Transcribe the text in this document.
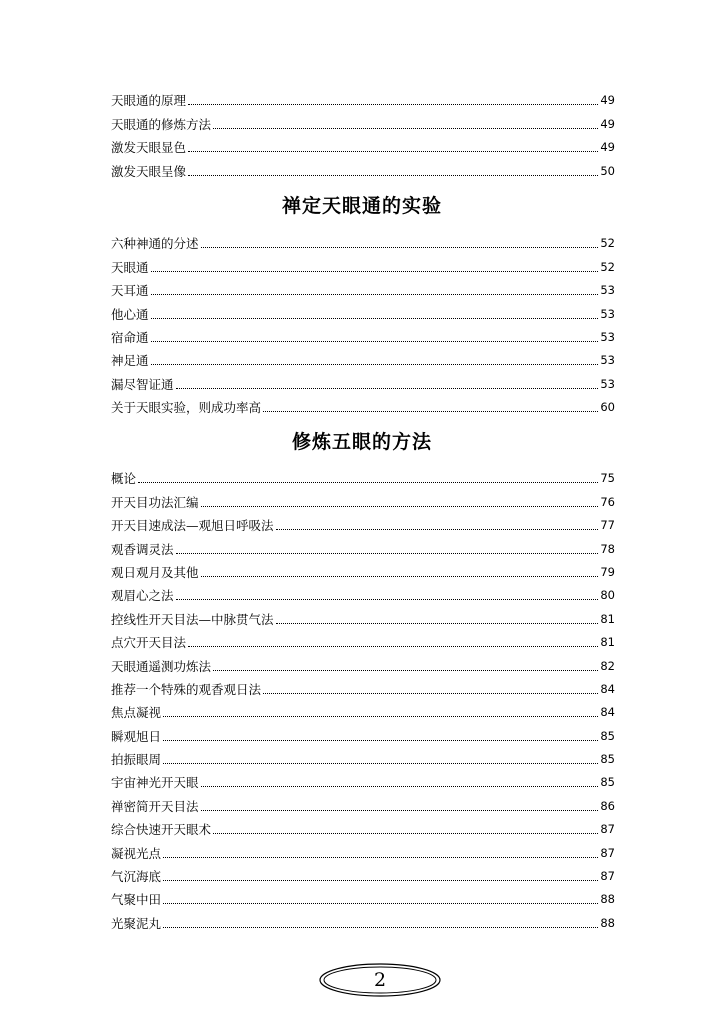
天眼通的原理	49
天眼通的修炼方法	49
激发天眼显色	49
激发天眼呈像	50
禅定天眼通的实验
六种神通的分述	52
天眼通	52
天耳通	53
他心通	53
宿命通	53
神足通	53
漏尽智证通	53
关于天眼实验，则成功率高	60
修炼五眼的方法
概论	75
开天目功法汇编	76
开天目速成法—观旭日呼吸法	77
观香调灵法	78
观日观月及其他	79
观眉心之法	80
控线性开天目法—中脉贯气法	81
点穴开天目法	81
天眼通遥测功炼法	82
推荐一个特殊的观香观日法	84
焦点凝视	84
瞬观旭日	85
拍振眼周	85
宇宙神光开天眼	85
禅密简开天目法	86
综合快速开天眼术	87
凝视光点	87
气沉海底	87
气聚中田	88
光聚泥丸	88
2
